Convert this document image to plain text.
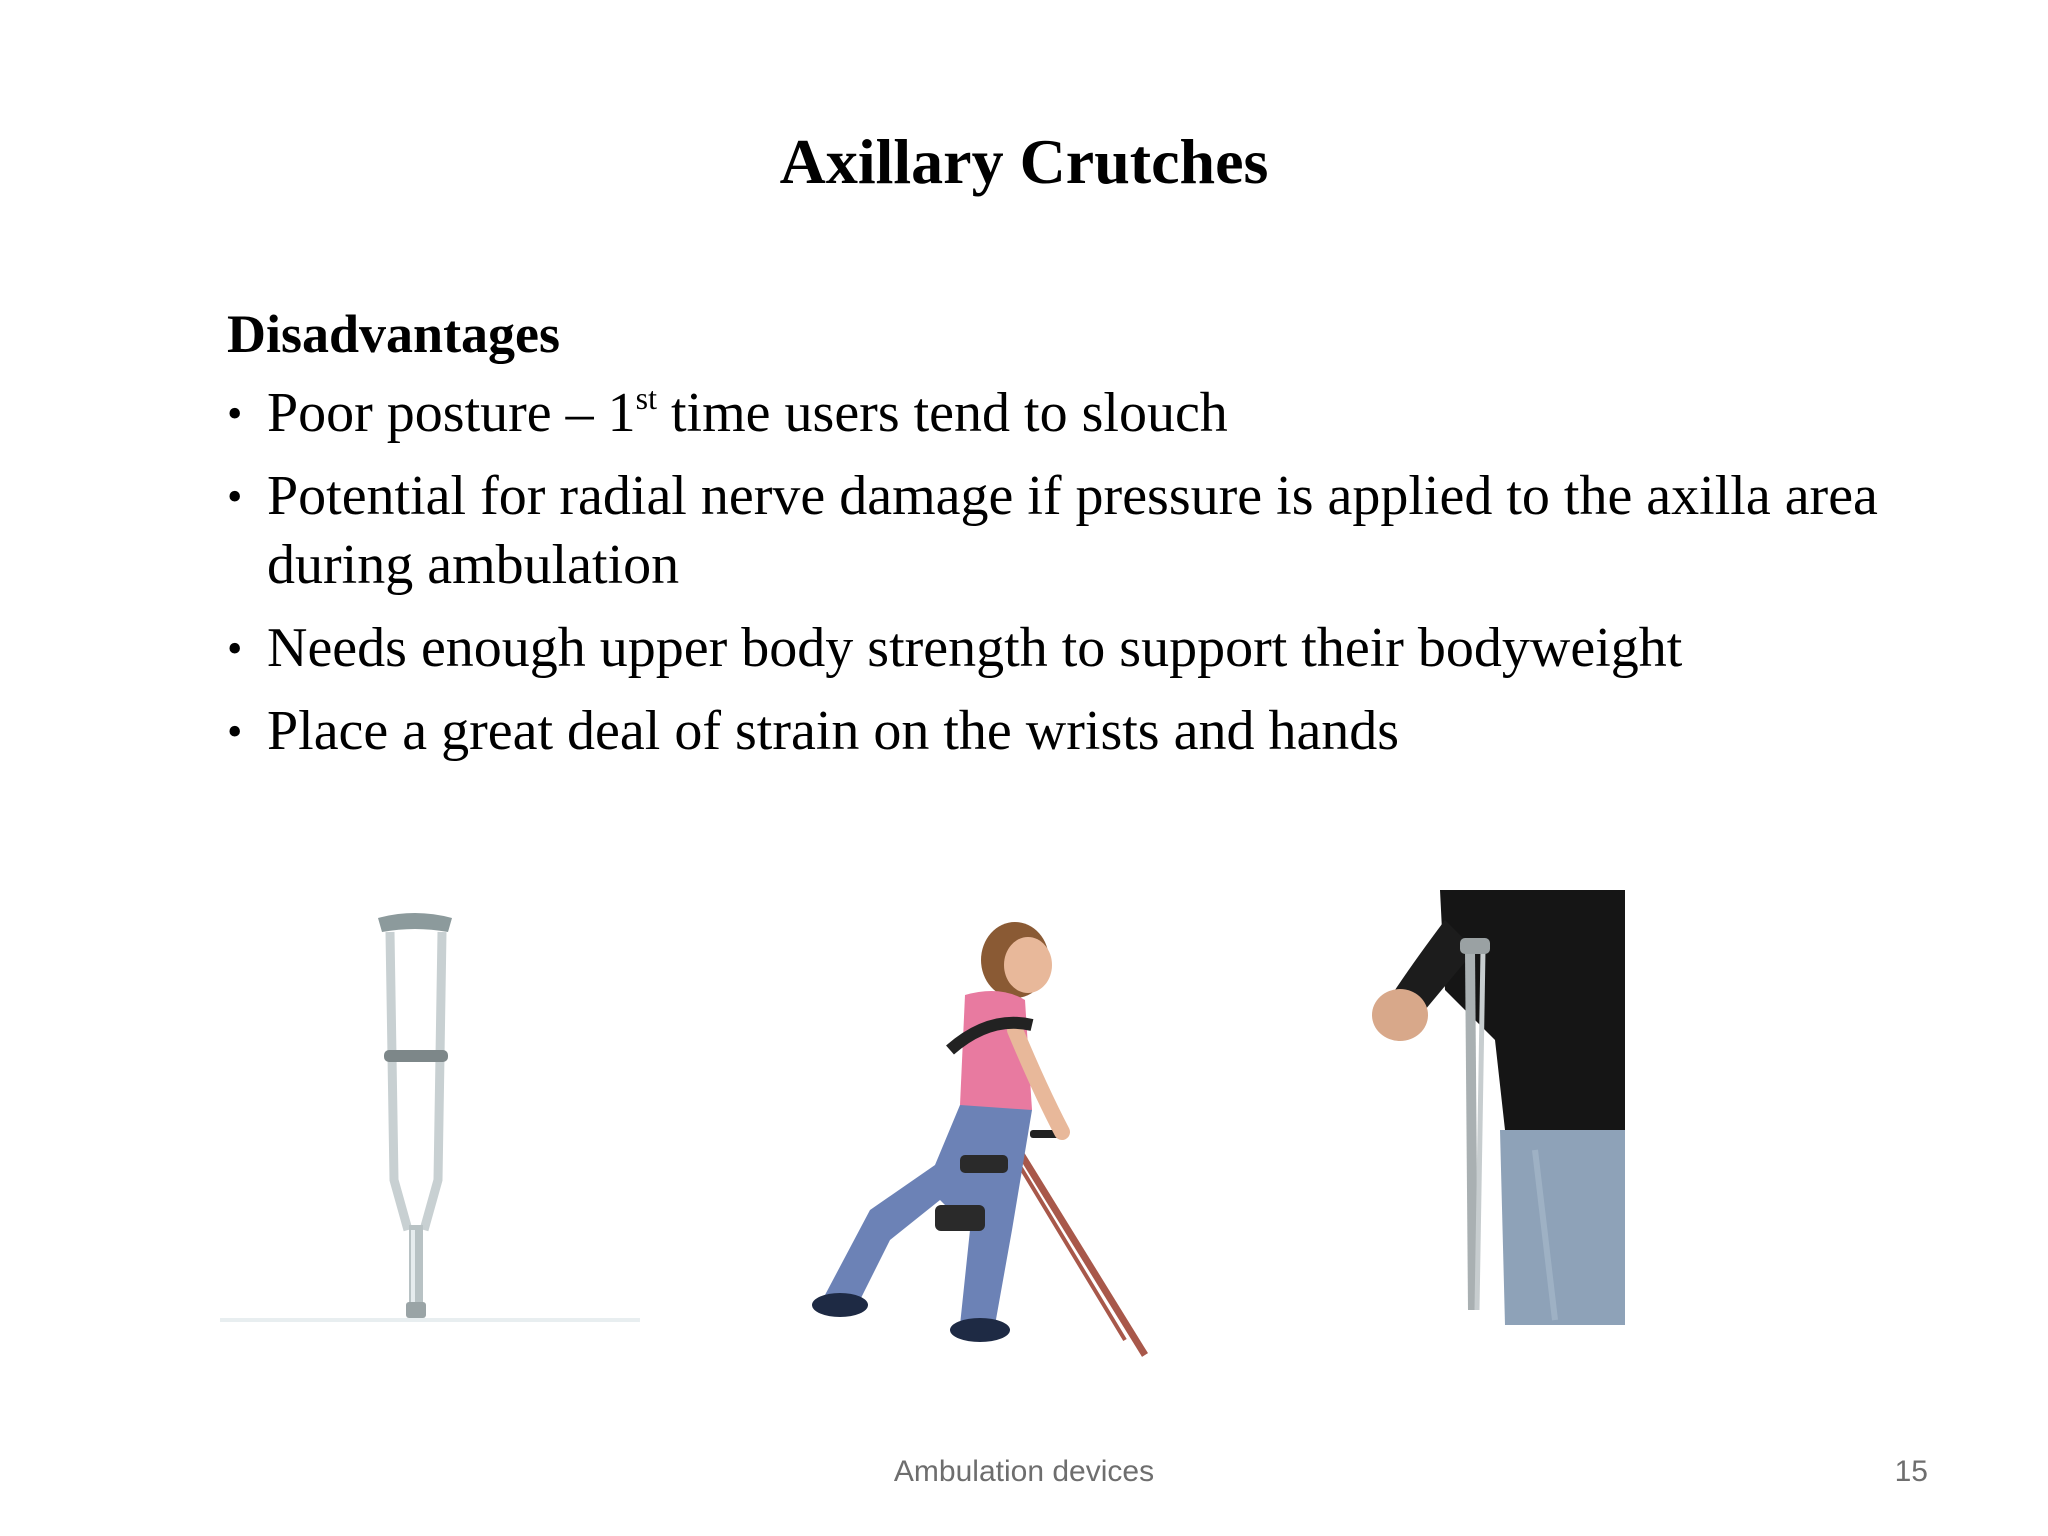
Axillary Crutches
Disadvantages
• Poor posture – 1st time users tend to slouch
• Potential for radial nerve damage if pressure is applied to the axilla area during ambulation
• Needs enough upper body strength to support their bodyweight
• Place a great deal of strain on the wrists and hands
Ambulation devices	15
